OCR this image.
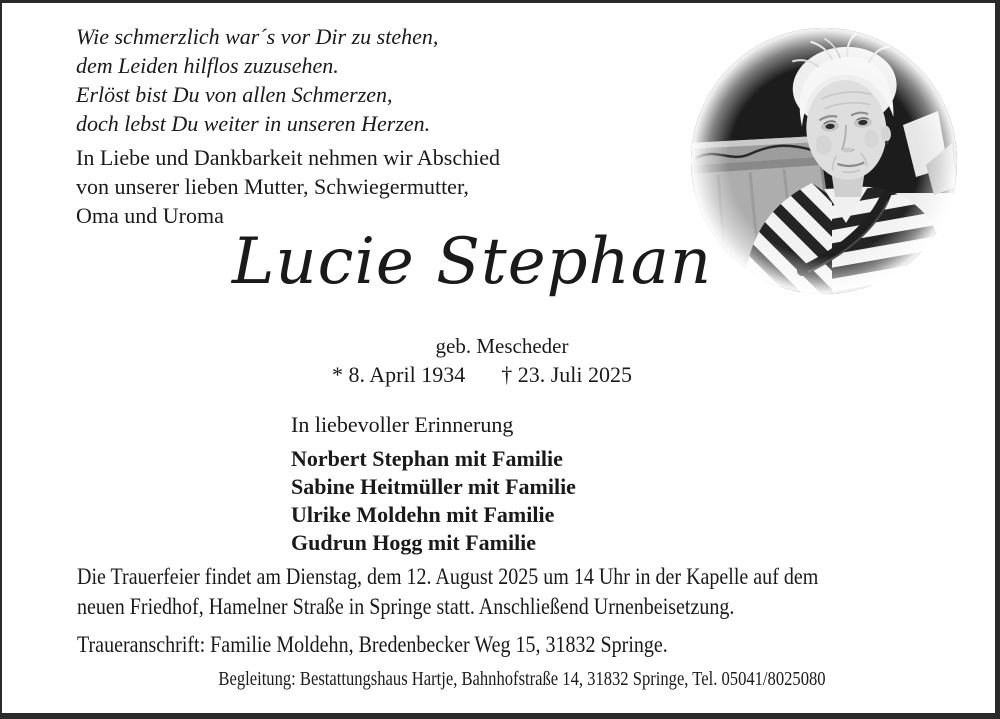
Wie schmerzlich war´s vor Dir zu stehen,
dem Leiden hilflos zuzusehen.
Erlöst bist Du von allen Schmerzen,
doch lebst Du weiter in unseren Herzen.
In Liebe und Dankbarkeit nehmen wir Abschied
von unserer lieben Mutter, Schwiegermutter,
Oma und Uroma
Lucie Stephan
geb. Mescheder
* 8. April 1934 † 23. Juli 2025
In liebevoller Erinnerung
Norbert Stephan mit Familie
Sabine Heitmüller mit Familie
Ulrike Moldehn mit Familie
Gudrun Hogg mit Familie
Die Trauerfeier findet am Dienstag, dem 12. August 2025 um 14 Uhr in der Kapelle auf dem
neuen Friedhof, Hamelner Straße in Springe statt. Anschließend Urnenbeisetzung.
Traueranschrift: Familie Moldehn, Bredenbecker Weg 15, 31832 Springe.
Begleitung: Bestattungshaus Hartje, Bahnhofstraße 14, 31832 Springe, Tel. 05041/8025080
